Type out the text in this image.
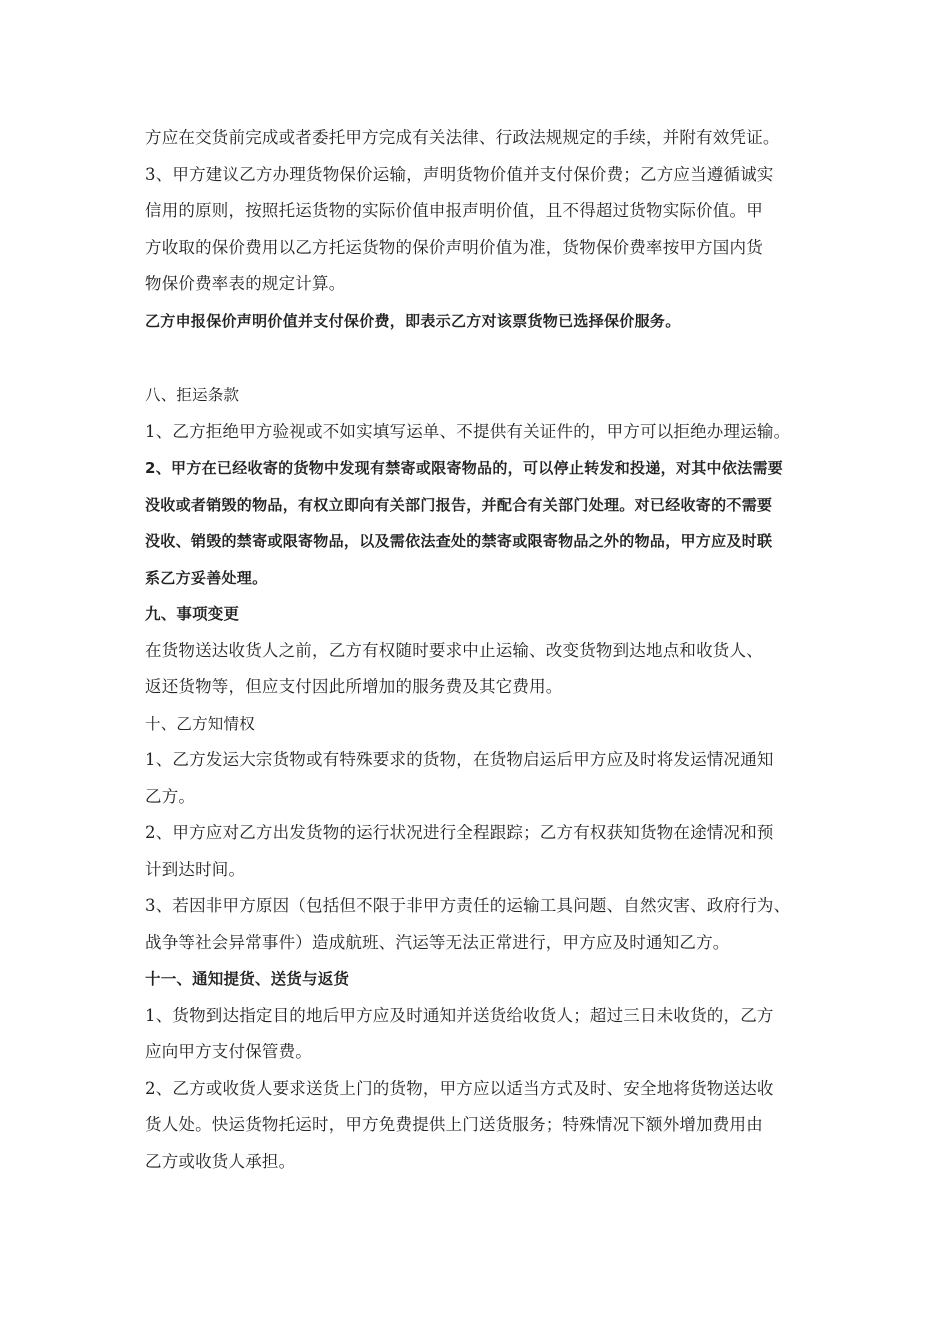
方应在交货前完成或者委托甲方完成有关法律、行政法规规定的手续，并附有效凭证。
3、甲方建议乙方办理货物保价运输，声明货物价值并支付保价费；乙方应当遵循诚实
信用的原则，按照托运货物的实际价值申报声明价值，且不得超过货物实际价值。甲
方收取的保价费用以乙方托运货物的保价声明价值为准，货物保价费率按甲方国内货
物保价费率表的规定计算。
乙方申报保价声明价值并支付保价费，即表示乙方对该票货物已选择保价服务。
八、拒运条款
1、乙方拒绝甲方验视或不如实填写运单、不提供有关证件的，甲方可以拒绝办理运输。
2、甲方在已经收寄的货物中发现有禁寄或限寄物品的，可以停止转发和投递，对其中依法需要
没收或者销毁的物品，有权立即向有关部门报告，并配合有关部门处理。对已经收寄的不需要
没收、销毁的禁寄或限寄物品，以及需依法查处的禁寄或限寄物品之外的物品，甲方应及时联
系乙方妥善处理。
九、事项变更
在货物送达收货人之前，乙方有权随时要求中止运输、改变货物到达地点和收货人、
返还货物等，但应支付因此所增加的服务费及其它费用。
十、乙方知情权
1、乙方发运大宗货物或有特殊要求的货物，在货物启运后甲方应及时将发运情况通知
乙方。
2、甲方应对乙方出发货物的运行状况进行全程跟踪；乙方有权获知货物在途情况和预
计到达时间。
3、若因非甲方原因（包括但不限于非甲方责任的运输工具问题、自然灾害、政府行为、
战争等社会异常事件）造成航班、汽运等无法正常进行，甲方应及时通知乙方。
十一、通知提货、送货与返货
1、货物到达指定目的地后甲方应及时通知并送货给收货人；超过三日未收货的，乙方
应向甲方支付保管费。
2、乙方或收货人要求送货上门的货物，甲方应以适当方式及时、安全地将货物送达收
货人处。快运货物托运时，甲方免费提供上门送货服务；特殊情况下额外增加费用由
乙方或收货人承担。
